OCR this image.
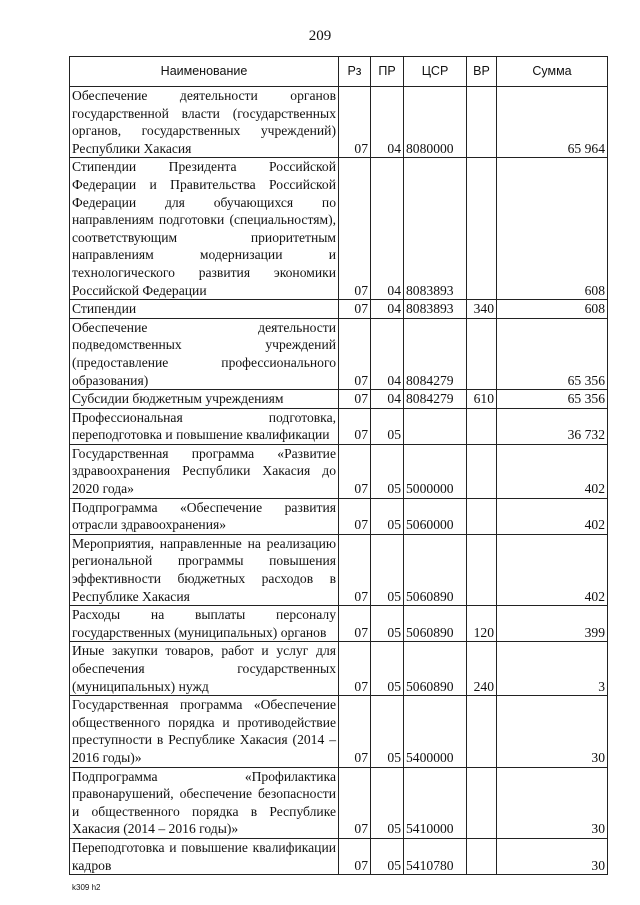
209
Наименование	Рз	ПР	ЦСР	ВР	Сумма
Обеспечение деятельности органов государственной власти (государственных органов, государственных учреждений) Республики Хакасия	07	04	8080000		65 964
Стипендии Президента Российской Федерации и Правительства Российской Федерации для обучающихся по направлениям подготовки (специальностям), соответствующим приоритетным направлениям модернизации и технологического развития экономики Российской Федерации	07	04	8083893		608
Стипендии	07	04	8083893	340	608
Обеспечение деятельности подведомственных учреждений (предоставление профессионального образования)	07	04	8084279		65 356
Субсидии бюджетным учреждениям	07	04	8084279	610	65 356
Профессиональная подготовка, переподготовка и повышение квалификации	07	05			36 732
Государственная программа «Развитие здравоохранения Республики Хакасия до 2020 года»	07	05	5000000		402
Подпрограмма «Обеспечение развития отрасли здравоохранения»	07	05	5060000		402
Мероприятия, направленные на реализацию региональной программы повышения эффективности бюджетных расходов в Республике Хакасия	07	05	5060890		402
Расходы на выплаты персоналу государственных (муниципальных) органов	07	05	5060890	120	399
Иные закупки товаров, работ и услуг для обеспечения государственных (муниципальных) нужд	07	05	5060890	240	3
Государственная программа «Обеспечение общественного порядка и противодействие преступности в Республике Хакасия (2014 – 2016 годы)»	07	05	5400000		30
Подпрограмма «Профилактика правонарушений, обеспечение безопасности и общественного порядка в Республике Хакасия (2014 – 2016 годы)»	07	05	5410000		30
Переподготовка и повышение квалификации кадров	07	05	5410780		30
k309 h2
